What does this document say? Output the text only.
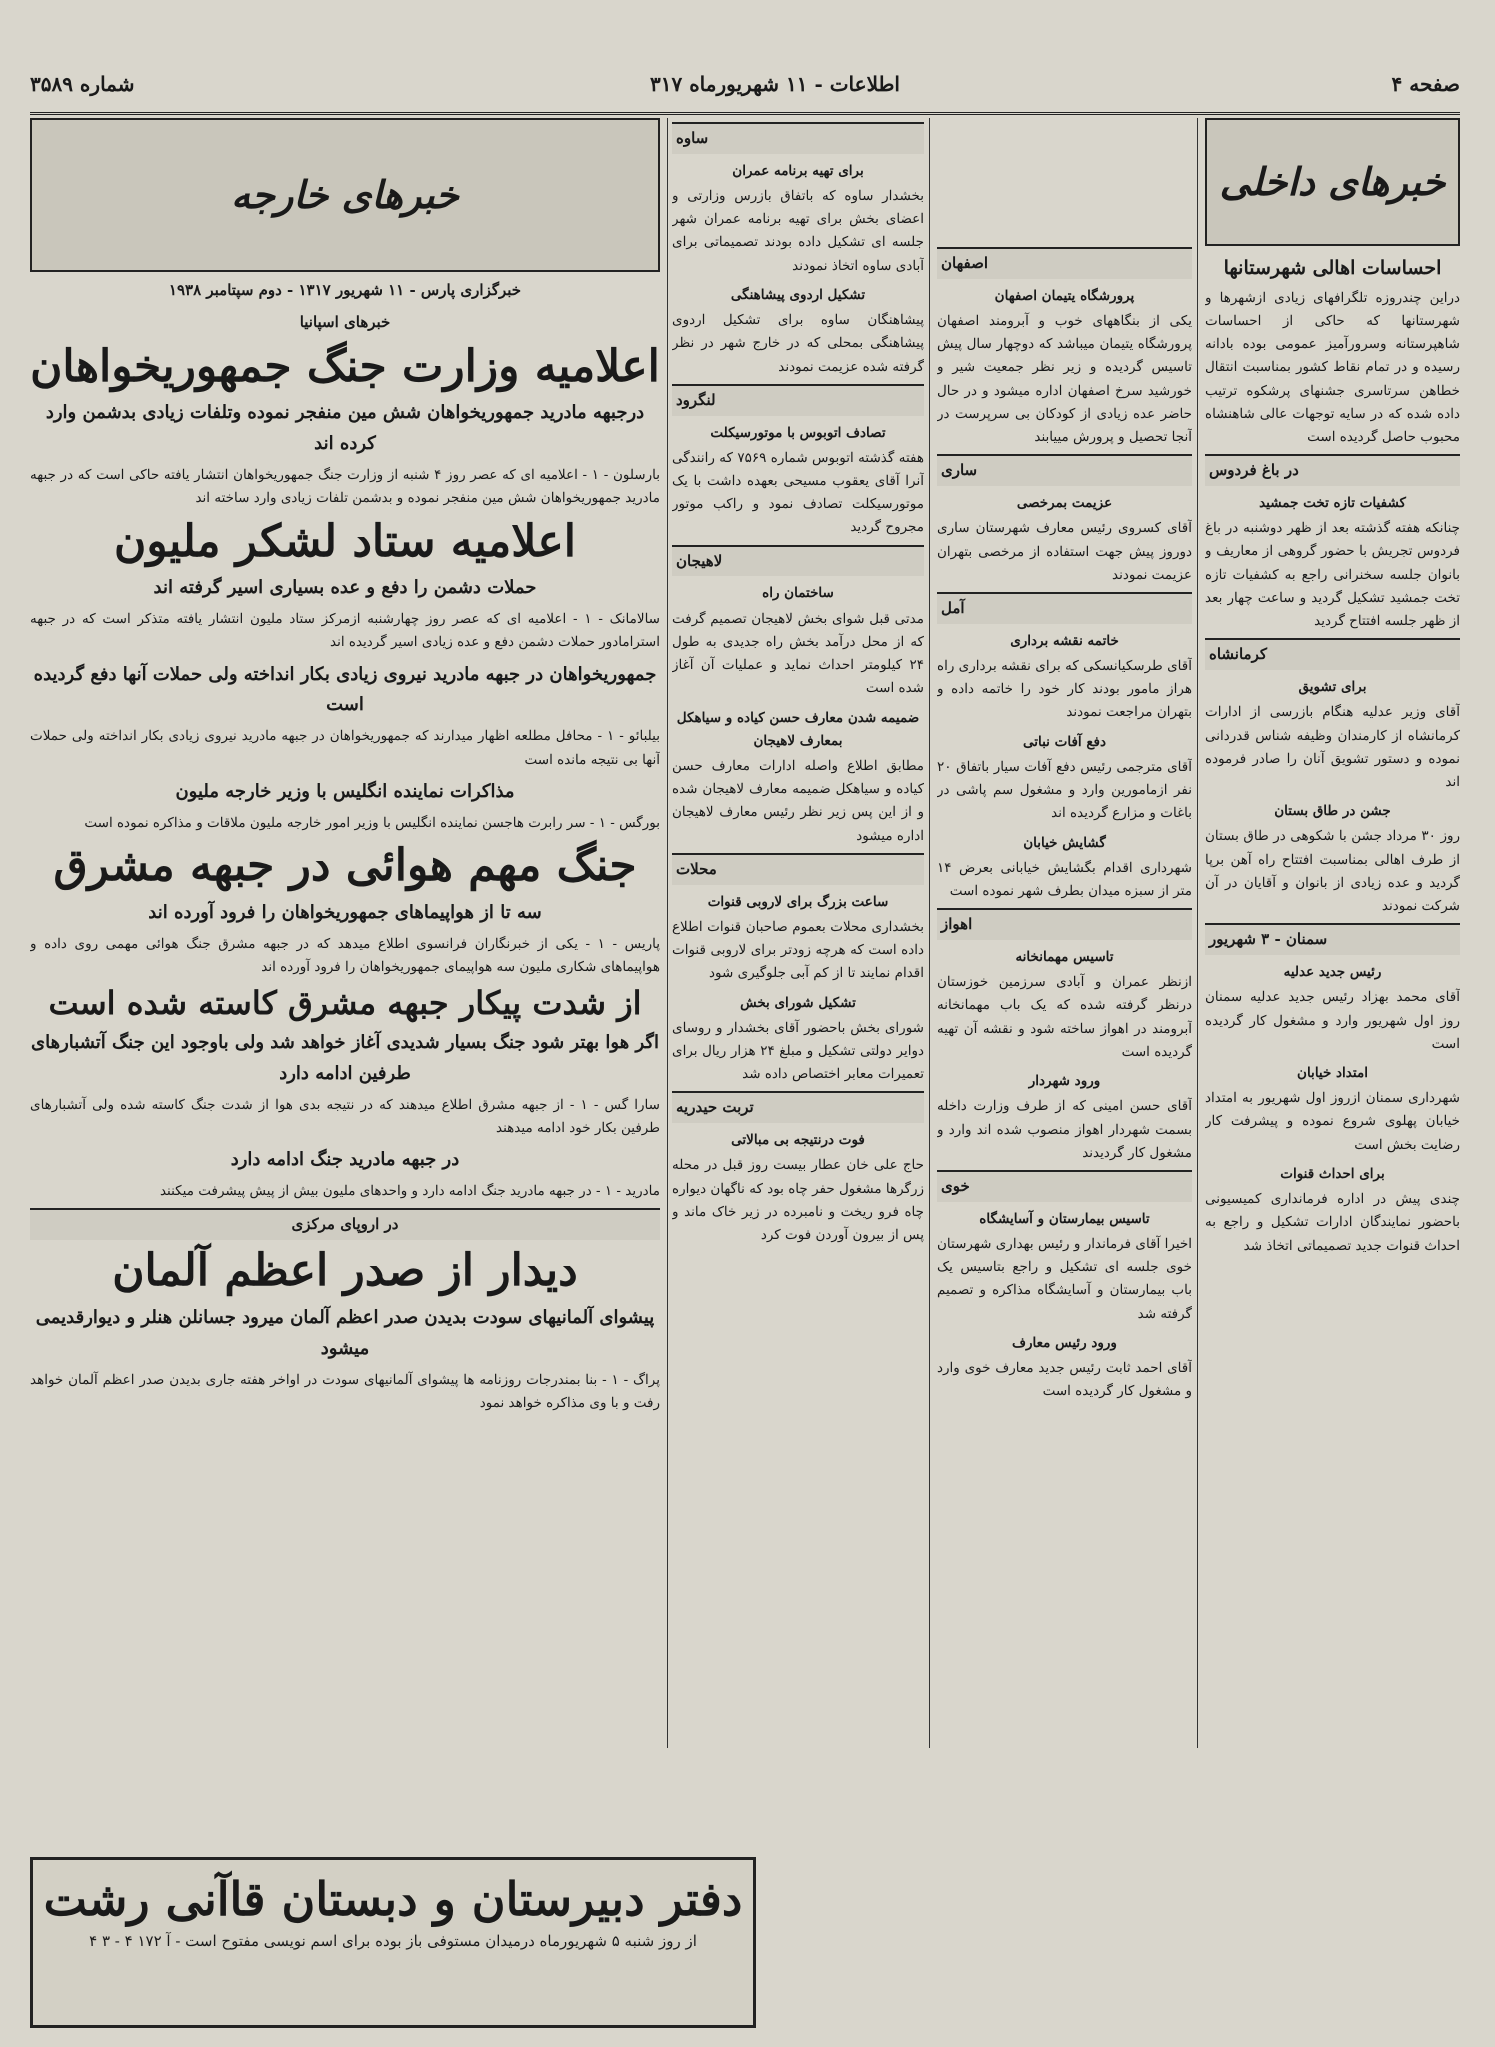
صفحه ۴
اطلاعات - ۱۱ شهریورماه ۳۱۷
شماره ۳۵۸۹
خبرهای داخلی
احساسات اهالی شهرستانها

دراین چندروزه تلگرافهای زیادی ازشهرها و شهرستانها که حاکی از احساسات شاهپرستانه وسرورآمیز عمومی بوده بادانه رسیده و در تمام نقاط کشور بمناسبت انتقال خطاهن سرتاسری جشنهای پرشکوه ترتیب داده شده که در سایه توجهات عالی شاهنشاه محبوب حاصل گردیده است

در باغ فردوس
کشفیات تازه تخت جمشید

چنانکه هفته گذشته بعد از ظهر دوشنبه در باغ فردوس تجریش با حضور گروهی از معاریف و بانوان جلسه سخنرانی راجع به کشفیات تازه تخت جمشید تشکیل گردید و ساعت چهار بعد از ظهر جلسه افتتاح گردید

کرمانشاه
برای تشویق

آقای وزیر عدلیه هنگام بازرسی از ادارات کرمانشاه از کارمندان وظیفه شناس قدردانی نموده و دستور تشویق آنان را صادر فرموده اند

جشن در طاق بستان

روز ۳۰ مرداد جشن با شکوهی در طاق بستان از طرف اهالی بمناسبت افتتاح راه آهن برپا گردید و عده زیادی از بانوان و آقایان در آن شرکت نمودند

سمنان - ۳ شهریور
رئیس جدید عدلیه

آقای محمد بهزاد رئیس جدید عدلیه سمنان روز اول شهریور وارد و مشغول کار گردیده است

امتداد خیابان

شهرداری سمنان ازروز اول شهریور به امتداد خیابان پهلوی شروع نموده و پیشرفت کار رضایت بخش است

برای احداث قنوات

چندی پیش در اداره فرمانداری کمیسیونی باحضور نمایندگان ادارات تشکیل و راجع به احداث قنوات جدید تصمیماتی اتخاذ شد

اصفهان
پرورشگاه یتیمان اصفهان

یکی از بنگاههای خوب و آبرومند اصفهان پرورشگاه یتیمان میباشد که دوچهار سال پیش تاسیس گردیده و زیر نظر جمعیت شیر و خورشید سرخ اصفهان اداره میشود و در حال حاضر عده زیادی از کودکان بی سرپرست در آنجا تحصیل و پرورش مییابند

ساری
عزیمت بمرخصی

آقای کسروی رئیس معارف شهرستان ساری دوروز پیش جهت استفاده از مرخصی بتهران عزیمت نمودند

آمل
خاتمه نقشه برداری

آقای طرسکیانسکی که برای نقشه برداری راه هراز مامور بودند کار خود را خاتمه داده و بتهران مراجعت نمودند

دفع آفات نباتی

آقای مترجمی رئیس دفع آفات سیار باتفاق ۲۰ نفر ازمامورین وارد و مشغول سم پاشی در باغات و مزارع گردیده اند

گشایش خیابان

شهرداری اقدام بگشایش خیابانی بعرض ۱۴ متر از سبزه میدان بطرف شهر نموده است

اهواز
تاسیس مهمانخانه

ازنظر عمران و آبادی سرزمین خوزستان درنظر گرفته شده که یک باب مهمانخانه آبرومند در اهواز ساخته شود و نقشه آن تهیه گردیده است

ورود شهردار

آقای حسن امینی که از طرف وزارت داخله بسمت شهردار اهواز منصوب شده اند وارد و مشغول کار گردیدند

خوی
تاسیس بیمارستان و آسایشگاه

اخیرا آقای فرماندار و رئیس بهداری شهرستان خوی جلسه ای تشکیل و راجع بتاسیس یک باب بیمارستان و آسایشگاه مذاکره و تصمیم گرفته شد

ورود رئیس معارف

آقای احمد ثابت رئیس جدید معارف خوی وارد و مشغول کار گردیده است

ساوه
برای تهیه برنامه عمران

بخشدار ساوه که باتفاق بازرس وزارتی و اعضای بخش برای تهیه برنامه عمران شهر جلسه ای تشکیل داده بودند تصمیماتی برای آبادی ساوه اتخاذ نمودند

تشکیل اردوی پیشاهنگی

پیشاهنگان ساوه برای تشکیل اردوی پیشاهنگی بمحلی که در خارج شهر در نظر گرفته شده عزیمت نمودند

لنگرود
تصادف اتوبوس با موتورسیکلت

هفته گذشته اتوبوس شماره ۷۵۶۹ که رانندگی آنرا آقای یعقوب مسیحی بعهده داشت با یک موتورسیکلت تصادف نمود و راکب موتور مجروح گردید

لاهیجان
ساختمان راه

مدتی قبل شوای بخش لاهیجان تصمیم گرفت که از محل درآمد بخش راه جدیدی به طول ۲۴ کیلومتر احداث نماید و عملیات آن آغاز شده است

ضمیمه شدن معارف حسن کیاده و سیاهکل بمعارف لاهیجان

مطابق اطلاع واصله ادارات معارف حسن کیاده و سیاهکل ضمیمه معارف لاهیجان شده و از این پس زیر نظر رئیس معارف لاهیجان اداره میشود

محلات
ساعت بزرگ برای لاروبی قنوات

بخشداری محلات بعموم صاحبان قنوات اطلاع داده است که هرچه زودتر برای لاروبی قنوات اقدام نمایند تا از کم آبی جلوگیری شود

تشکیل شورای بخش

شورای بخش باحضور آقای بخشدار و روسای دوایر دولتی تشکیل و مبلغ ۲۴ هزار ریال برای تعمیرات معابر اختصاص داده شد

تربت حیدریه
فوت درنتیجه بی مبالاتی

حاج علی خان عطار بیست روز قبل در محله زرگرها مشغول حفر چاه بود که ناگهان دیواره چاه فرو ریخت و نامبرده در زیر خاک ماند و پس از بیرون آوردن فوت کرد

خبرهای خارجه
خبرگزاری پارس - ۱۱ شهریور ۱۳۱۷ - دوم سپتامبر ۱۹۳۸
خبرهای اسپانیا
اعلامیه وزارت جنگ جمهوریخواهان
درجبهه مادرید جمهوریخواهان شش مین منفجر نموده وتلفات زیادی بدشمن وارد کرده اند

بارسلون - ۱ - اعلامیه ای که عصر روز ۴ شنبه از وزارت جنگ جمهوریخواهان انتشار یافته حاکی است که در جبهه مادرید جمهوریخواهان شش مین منفجر نموده و بدشمن تلفات زیادی وارد ساخته اند

اعلامیه ستاد لشکر ملیون
حملات دشمن را دفع و عده بسیاری اسیر گرفته اند

سالامانک - ۱ - اعلامیه ای که عصر روز چهارشنبه ازمرکز ستاد ملیون انتشار یافته متذکر است که در جبهه استرامادور حملات دشمن دفع و عده زیادی اسیر گردیده اند

جمهوریخواهان در جبهه مادرید نیروی زیادی بکار انداخته ولی حملات آنها دفع گردیده است

بیلبائو - ۱ - محافل مطلعه اظهار میدارند که جمهوریخواهان در جبهه مادرید نیروی زیادی بکار انداخته ولی حملات آنها بی نتیجه مانده است

مذاکرات نماینده انگلیس با وزیر خارجه ملیون

بورگس - ۱ - سر رابرت هاجسن نماینده انگلیس با وزیر امور خارجه ملیون ملاقات و مذاکره نموده است

جنگ مهم هوائی در جبهه مشرق
سه تا از هواپیماهای جمهوریخواهان را فرود آورده اند

پاریس - ۱ - یکی از خبرنگاران فرانسوی اطلاع میدهد که در جبهه مشرق جنگ هوائی مهمی روی داده و هواپیماهای شکاری ملیون سه هواپیمای جمهوریخواهان را فرود آورده اند

از شدت پیکار جبهه مشرق کاسته شده است
اگر هوا بهتر شود جنگ بسیار شدیدی آغاز خواهد شد ولی باوجود این جنگ آتشبارهای طرفین ادامه دارد

سارا گس - ۱ - از جبهه مشرق اطلاع میدهند که در نتیجه بدی هوا از شدت جنگ کاسته شده ولی آتشبارهای طرفین بکار خود ادامه میدهند

در جبهه مادرید جنگ ادامه دارد

مادرید - ۱ - در جبهه مادرید جنگ ادامه دارد و واحدهای ملیون بیش از پیش پیشرفت میکنند

در اروپای مرکزی
دیدار از صدر اعظم آلمان
پیشوای آلمانیهای سودت بدیدن صدر اعظم آلمان میرود جسانلن هنلر و دیوارقدیمی میشود

پراگ - ۱ - بنا بمندرجات روزنامه ها پیشوای آلمانیهای سودت در اواخر هفته جاری بدیدن صدر اعظم آلمان خواهد رفت و با وی مذاکره خواهد نمود

دفتر دبیرستان و دبستان قاآنی رشت
از روز شنبه ۵ شهریورماه درمیدان مستوفی باز بوده برای اسم نویسی مفتوح است - آ ۱۷۲ ۴ - ۳ ۴
